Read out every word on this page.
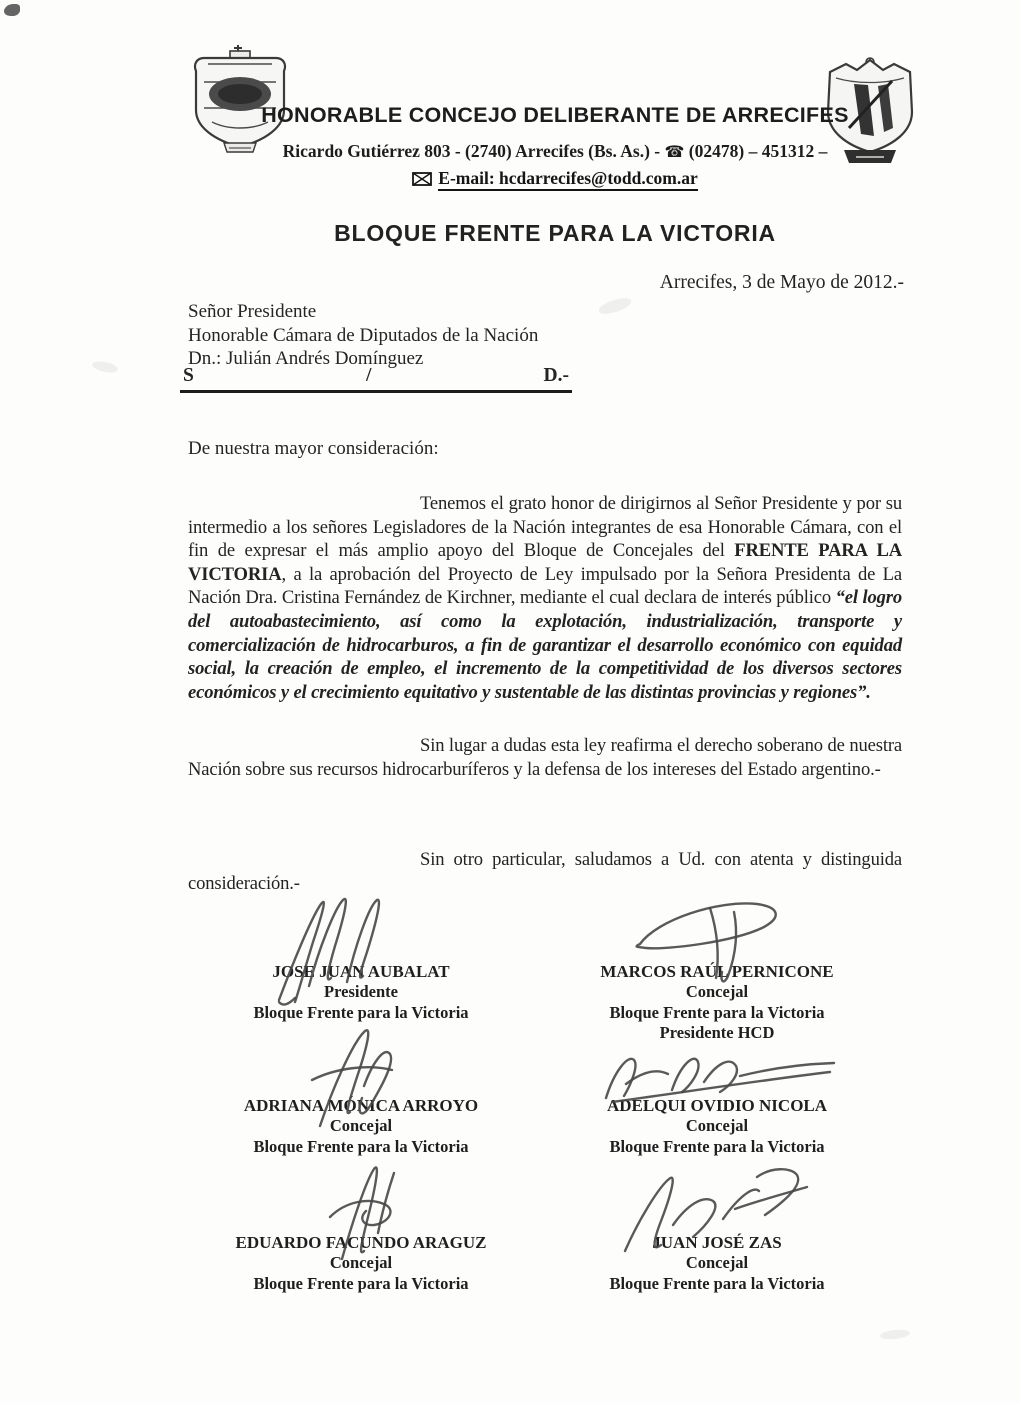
HONORABLE CONCEJO DELIBERANTE DE ARRECIFES
Ricardo Gutiérrez 803 - (2740) Arrecifes (Bs. As.) - ☎ (02478) – 451312 –
E-mail: hcdarrecifes@todd.com.ar
BLOQUE FRENTE PARA LA VICTORIA
Arrecifes, 3 de Mayo de 2012.-
Señor Presidente
Honorable Cámara de Diputados de la Nación
Dn.: Julián Andrés Domínguez
S	/	D.-
De nuestra mayor consideración:

Tenemos el grato honor de dirigirnos al Señor Presidente y por su intermedio a los señores Legisladores de la Nación integrantes de esa Honorable Cámara, con el fin de expresar el más amplio apoyo del Bloque de Concejales del FRENTE PARA LA VICTORIA, a la aprobación del Proyecto de Ley impulsado por la Señora Presidenta de La Nación Dra. Cristina Fernández de Kirchner, mediante el cual declara de interés público “el logro del autoabastecimiento, así como la explotación, industrialización, transporte y comercialización de hidrocarburos, a fin de garantizar el desarrollo económico con equidad social, la creación de empleo, el incremento de la competitividad de los diversos sectores económicos y el crecimiento equitativo y sustentable de las distintas provincias y regiones”.

Sin lugar a dudas esta ley reafirma el derecho soberano de nuestra Nación sobre sus recursos hidrocarburíferos y la defensa de los intereses del Estado argentino.-

Sin otro particular, saludamos a Ud. con atenta y distinguida consideración.-

JOSE JUAN AUBALAT
Presidente
Bloque Frente para la Victoria
MARCOS RAÚL PERNICONE
Concejal
Bloque Frente para la Victoria
Presidente HCD
ADRIANA MÓNICA ARROYO
Concejal
Bloque Frente para la Victoria
ADELQUI OVIDIO NICOLA
Concejal
Bloque Frente para la Victoria
EDUARDO FACUNDO ARAGUZ
Concejal
Bloque Frente para la Victoria
JUAN JOSÉ ZAS
Concejal
Bloque Frente para la Victoria
